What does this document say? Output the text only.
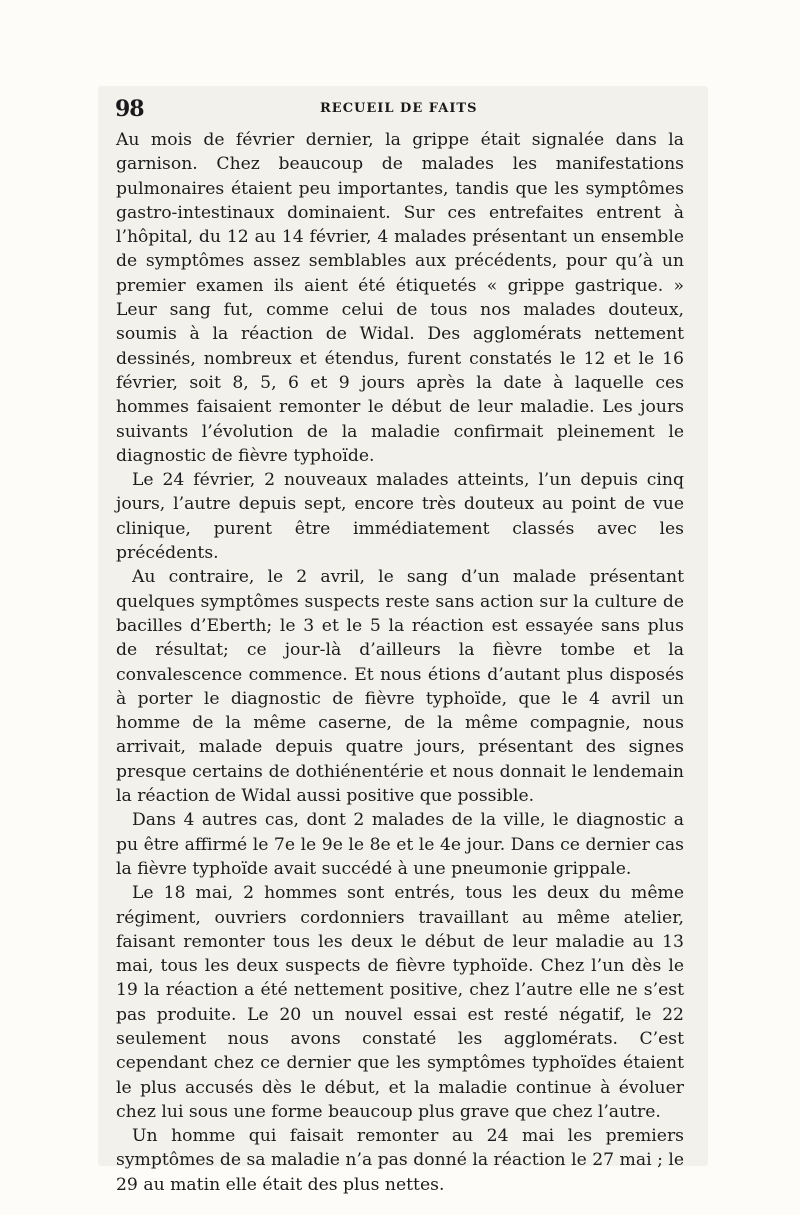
98	RECUEIL DE FAITS

Au mois de février dernier, la grippe était signalée dans la garnison. Chez beaucoup de malades les manifestations pulmonaires étaient peu importantes, tandis que les symptômes gastro-intestinaux dominaient. Sur ces entrefaites entrent à l’hôpital, du 12 au 14 février, 4 malades présentant un ensemble de symptômes assez semblables aux précédents, pour qu’à un premier examen ils aient été étiquetés « grippe gastrique. » Leur sang fut, comme celui de tous nos malades douteux, soumis à la réaction de Widal. Des agglomérats nettement dessinés, nombreux et étendus, furent constatés le 12 et le 16 février, soit 8, 5, 6 et 9 jours après la date à laquelle ces hommes faisaient remonter le début de leur maladie. Les jours suivants l’évolution de la maladie confirmait pleinement le diagnostic de fièvre typhoïde.

Le 24 février, 2 nouveaux malades atteints, l’un depuis cinq jours, l’autre depuis sept, encore très douteux au point de vue clinique, purent être immédiatement classés avec les précédents.

Au contraire, le 2 avril, le sang d’un malade présentant quelques symptômes suspects reste sans action sur la culture de bacilles d’Eberth; le 3 et le 5 la réaction est essayée sans plus de résultat; ce jour-là d’ailleurs la fièvre tombe et la convalescence commence. Et nous étions d’autant plus disposés à porter le diagnostic de fièvre typhoïde, que le 4 avril un homme de la même caserne, de la même compagnie, nous arrivait, malade depuis quatre jours, présentant des signes presque certains de dothiénentérie et nous donnait le lendemain la réaction de Widal aussi positive que possible.

Dans 4 autres cas, dont 2 malades de la ville, le diagnostic a pu être affirmé le 7e le 9e le 8e et le 4e jour. Dans ce dernier cas la fièvre typhoïde avait succédé à une pneumonie grippale.

Le 18 mai, 2 hommes sont entrés, tous les deux du même régiment, ouvriers cordonniers travaillant au même atelier, faisant remonter tous les deux le début de leur maladie au 13 mai, tous les deux suspects de fièvre typhoïde. Chez l’un dès le 19 la réaction a été nettement positive, chez l’autre elle ne s’est pas produite. Le 20 un nouvel essai est resté négatif, le 22 seulement nous avons constaté les agglomérats. C’est cependant chez ce dernier que les symptômes typhoïdes étaient le plus accusés dès le début, et la maladie continue à évoluer chez lui sous une forme beaucoup plus grave que chez l’autre.

Un homme qui faisait remonter au 24 mai les premiers symptômes de sa maladie n’a pas donné la réaction le 27 mai ; le 29 au matin elle était des plus nettes.
